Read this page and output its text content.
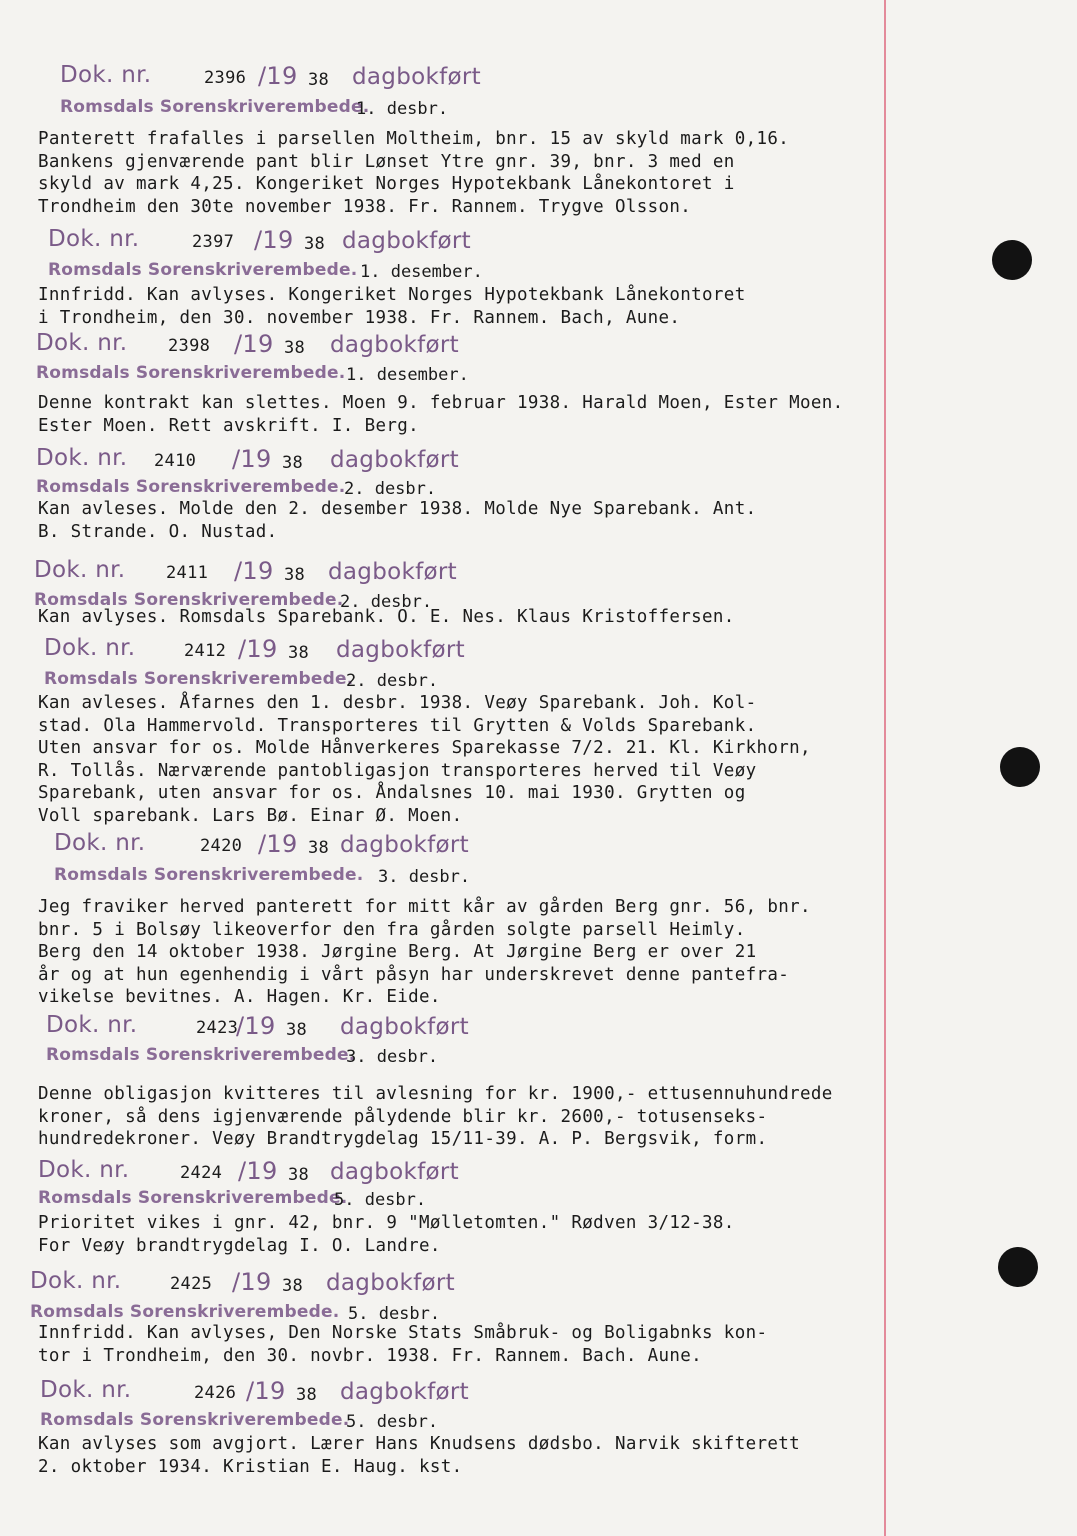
Dok. nr.	2396 /19 38 dagbokført
Romsdals Sorenskriverembede.
1. desbr.
Panterett frafalles i parsellen Moltheim, bnr. 15 av skyld mark 0,16.
Bankens gjenværende pant blir Lønset Ytre gnr. 39, bnr. 3 med en
skyld av mark 4,25. Kongeriket Norges Hypotekbank Lånekontoret i
Trondheim den 30te november 1938. Fr. Rannem. Trygve Olsson.
Dok. nr.	2397 /19 38 dagbokført
Romsdals Sorenskriverembede. 1. desember.
Innfridd. Kan avlyses. Kongeriket Norges Hypotekbank Lånekontoret
i Trondheim, den 30. november 1938. Fr. Rannem. Bach, Aune.
Dok. nr. 2398 /19 38 dagbokført
Romsdals Sorenskriverembede. 1. desember.
Denne kontrakt kan slettes. Moen 9. februar 1938. Harald Moen, Ester Moen.
Ester Moen. Rett avskrift. I. Berg.
Dok. nr. 2410 /19 38 dagbokført
Romsdals Sorenskriverembede.
2. desbr.
Kan avleses. Molde den 2. desember 1938. Molde Nye Sparebank. Ant.
B. Strande. O. Nustad.
Dok. nr. 2411 /19 38 dagbokført
Romsdals Sorenskriverembede.
2. desbr.
Kan avlyses. Romsdals Sparebank. O. E. Nes. Klaus Kristoffersen.
Dok. nr.	2412 /19 38 dagbokført
Romsdals Sorenskriverembede.
2. desbr.
Kan avleses. Åfarnes den 1. desbr. 1938. Veøy Sparebank. Joh. Kol-
stad. Ola Hammervold. Transporteres til Grytten & Volds Sparebank.
Uten ansvar for os. Molde Hånverkeres Sparekasse 7/2. 21. Kl. Kirkhorn,
R. Tollås. Nærværende pantobligasjon transporteres herved til Veøy
Sparebank, uten ansvar for os. Åndalsnes 10. mai 1930. Grytten og
Voll sparebank. Lars Bø. Einar Ø. Moen.
Dok. nr.	2420 /19 38 dagbokført
Romsdals Sorenskriverembede. 3. desbr.
Jeg fraviker herved panterett for mitt kår av gården Berg gnr. 56, bnr.
bnr. 5 i Bolsøy likeoverfor den fra gården solgte parsell Heimly.
Berg den 14 oktober 1938. Jørgine Berg. At Jørgine Berg er over 21
år og at hun egenhendig i vårt påsyn har underskrevet denne pantefra-
vikelse bevitnes. A. Hagen. Kr. Eide.
Dok. nr.	2423
/19 38 dagbokført
Romsdals Sorenskriverembede.
3. desbr.
Denne obligasjon kvitteres til avlesning for kr. 1900,- ettusennuhundrede
kroner, så dens igjenværende pålydende blir kr. 2600,- totusenseks-
hundredekroner. Veøy Brandtrygdelag 15/11-39. A. P. Bergsvik, form.
Dok. nr.	2424 /19 38 dagbokført
Romsdals Sorenskriverembede.
5. desbr.
Prioritet vikes i gnr. 42, bnr. 9 "Mølletomten." Rødven 3/12-38.
For Veøy brandtrygdelag I. O. Landre.
Dok. nr.	2425 /19 38 dagbokført
Romsdals Sorenskriverembede. 5. desbr.
Innfridd. Kan avlyses, Den Norske Stats Småbruk- og Boligabnks kon-
tor i Trondheim, den 30. novbr. 1938. Fr. Rannem. Bach. Aune.
Dok. nr.	2426 /19 38 dagbokført
Romsdals Sorenskriverembede.
5. desbr.
Kan avlyses som avgjort. Lærer Hans Knudsens dødsbo. Narvik skifterett
2. oktober 1934. Kristian E. Haug. kst.
